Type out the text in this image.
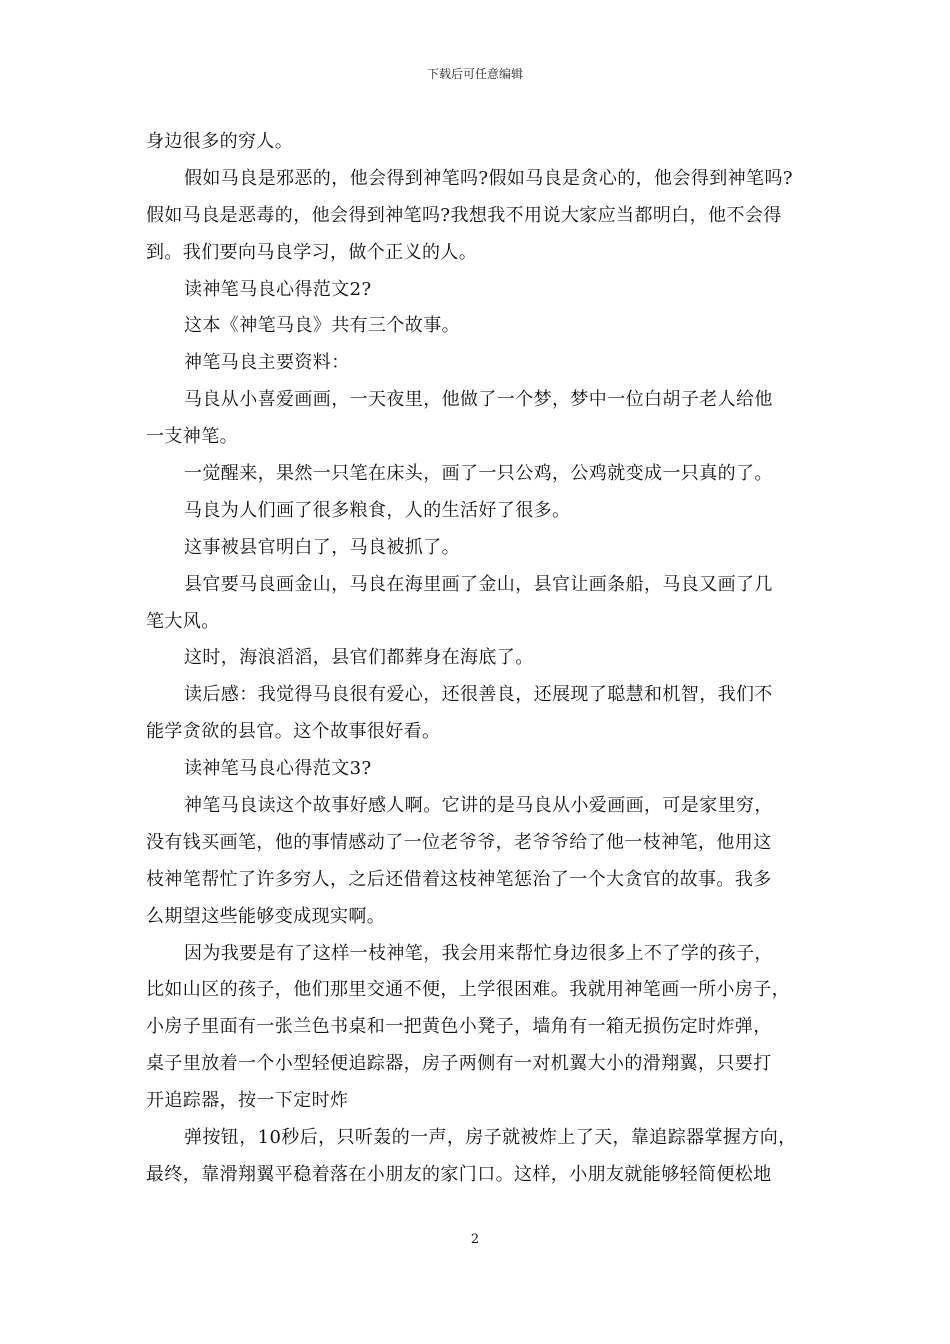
下载后可任意编辑
身边很多的穷人。
假如马良是邪恶的，他会得到神笔吗?假如马良是贪心的，他会得到神笔吗?
假如马良是恶毒的，他会得到神笔吗?我想我不用说大家应当都明白，他不会得
到。我们要向马良学习，做个正义的人。
读神笔马良心得范文2?
这本《神笔马良》共有三个故事。
神笔马良主要资料：
马良从小喜爱画画，一天夜里，他做了一个梦，梦中一位白胡子老人给他
一支神笔。
一觉醒来，果然一只笔在床头，画了一只公鸡，公鸡就变成一只真的了。
马良为人们画了很多粮食，人的生活好了很多。
这事被县官明白了，马良被抓了。
县官要马良画金山，马良在海里画了金山，县官让画条船，马良又画了几
笔大风。
这时，海浪滔滔，县官们都葬身在海底了。
读后感：我觉得马良很有爱心，还很善良，还展现了聪慧和机智，我们不
能学贪欲的县官。这个故事很好看。
读神笔马良心得范文3?
神笔马良读这个故事好感人啊。它讲的是马良从小爱画画，可是家里穷，
没有钱买画笔，他的事情感动了一位老爷爷，老爷爷给了他一枝神笔，他用这
枝神笔帮忙了许多穷人，之后还借着这枝神笔惩治了一个大贪官的故事。我多
么期望这些能够变成现实啊。
因为我要是有了这样一枝神笔，我会用来帮忙身边很多上不了学的孩子，
比如山区的孩子，他们那里交通不便，上学很困难。我就用神笔画一所小房子，
小房子里面有一张兰色书桌和一把黄色小凳子，墙角有一箱无损伤定时炸弹，
桌子里放着一个小型轻便追踪器，房子两侧有一对机翼大小的滑翔翼，只要打
开追踪器，按一下定时炸
弹按钮，10秒后，只听轰的一声，房子就被炸上了天，靠追踪器掌握方向，
最终，靠滑翔翼平稳着落在小朋友的家门口。这样，小朋友就能够轻简便松地
2
